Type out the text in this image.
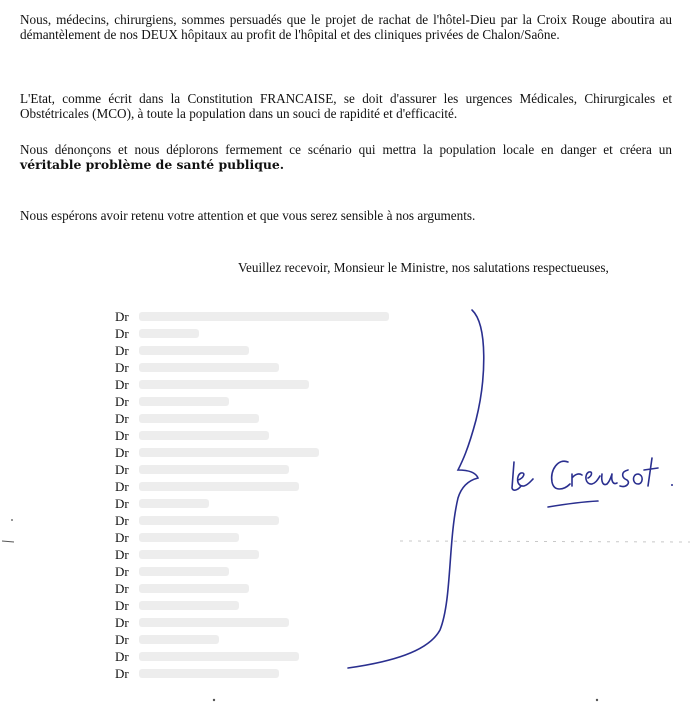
Nous, médecins, chirurgiens, sommes persuadés que le projet de rachat de l'hôtel-Dieu par la Croix Rouge aboutira au démantèlement de nos DEUX hôpitaux au profit de l'hôpital et des cliniques privées de Chalon/Saône.

L'Etat, comme écrit dans la Constitution FRANCAISE, se doit d'assurer les urgences Médicales, Chirurgicales et Obstétricales (MCO), à toute la population dans un souci de rapidité et d'efficacité.

Nous dénonçons et nous déplorons fermement ce scénario qui mettra la population locale en danger et créera un véritable problème de santé publique.

Nous espérons avoir retenu votre attention et que vous serez sensible à nos arguments.

Veuillez recevoir, Monsieur le Ministre, nos salutations respectueuses,

Dr
Dr
Dr
Dr
Dr
Dr
Dr
Dr
Dr
Dr
Dr
Dr
Dr
Dr
Dr
Dr
Dr
Dr
Dr
Dr
Dr
Dr
